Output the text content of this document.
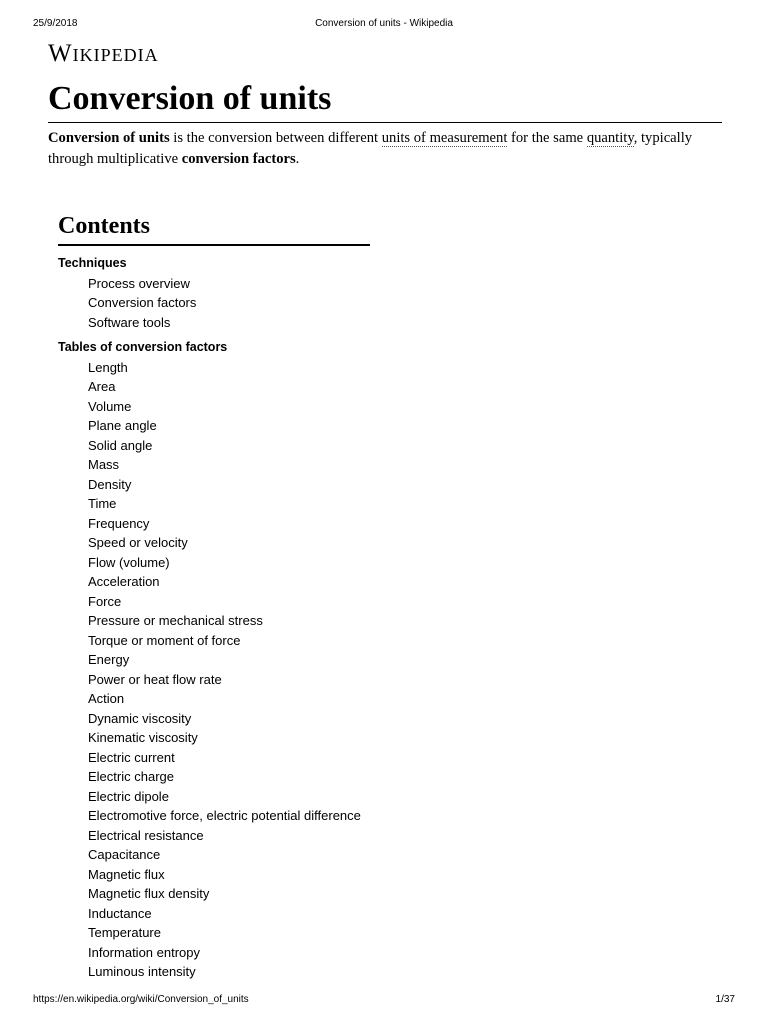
25/9/2018	Conversion of units - Wikipedia
Wikipedia
Conversion of units

Conversion of units is the conversion between different units of measurement for the same quantity, typically through multiplicative conversion factors.

Contents
Techniques
Process overview
Conversion factors
Software tools
Tables of conversion factors
Length
Area
Volume
Plane angle
Solid angle
Mass
Density
Time
Frequency
Speed or velocity
Flow (volume)
Acceleration
Force
Pressure or mechanical stress
Torque or moment of force
Energy
Power or heat flow rate
Action
Dynamic viscosity
Kinematic viscosity
Electric current
Electric charge
Electric dipole
Electromotive force, electric potential difference
Electrical resistance
Capacitance
Magnetic flux
Magnetic flux density
Inductance
Temperature
Information entropy
Luminous intensity
https://en.wikipedia.org/wiki/Conversion_of_units	1/37
